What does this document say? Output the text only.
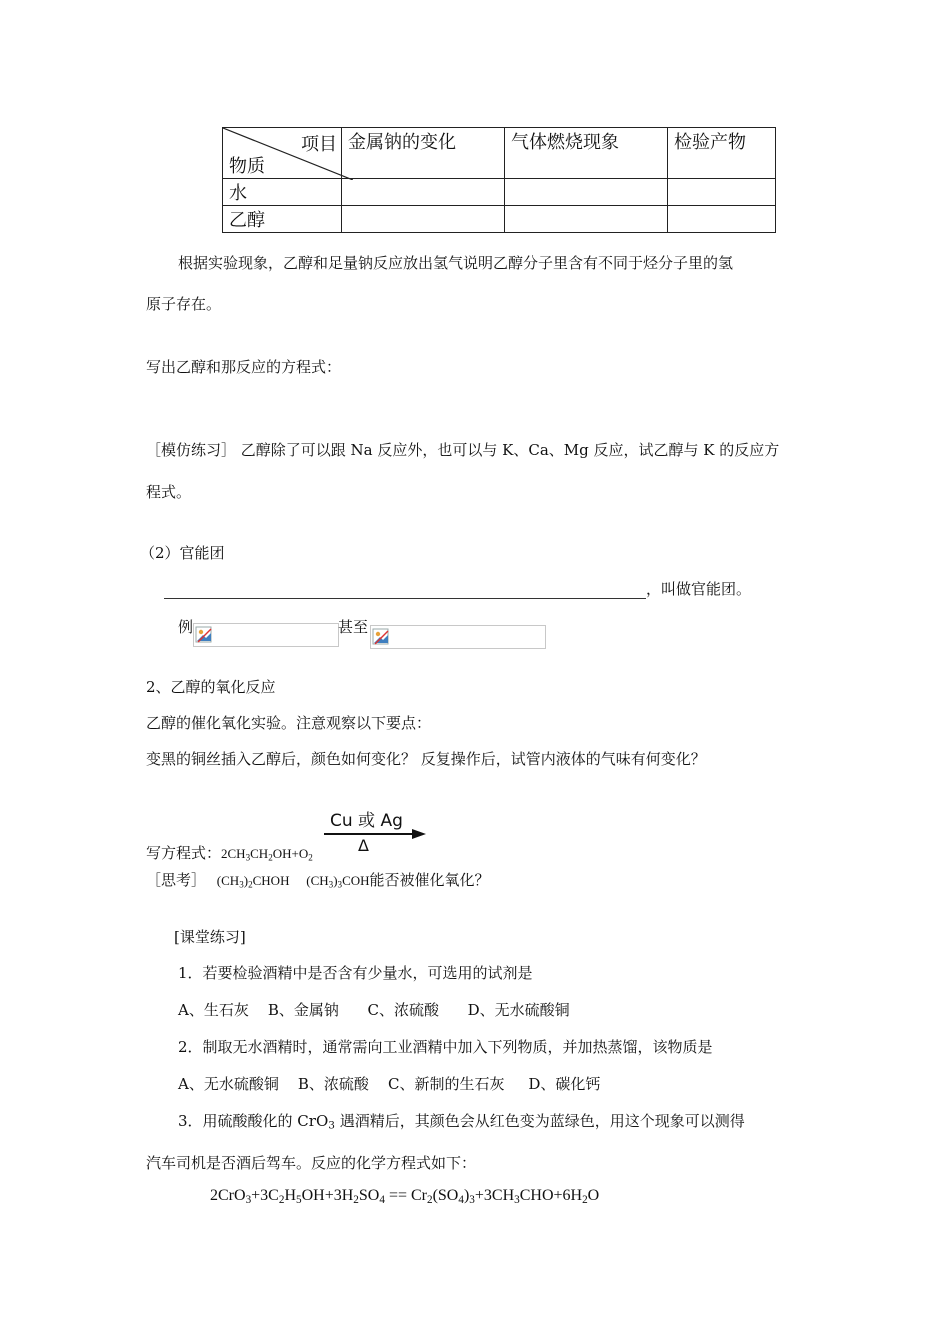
项目
物质	金属钠的变化	气体燃烧现象	检验产物
水			
乙醇			
根据实验现象，乙醇和足量钠反应放出氢气说明乙醇分子里含有不同于烃分子里的氢
原子存在。
写出乙醇和那反应的方程式：
［模仿练习］ 乙醇除了可以跟 Na 反应外，也可以与 K、Ca、Mg 反应，试乙醇与 K 的反应方
程式。
（2）官能团
，叫做官能团。
例	甚至
2、乙醇的氧化反应
乙醇的催化氧化实验。注意观察以下要点：
变黑的铜丝插入乙醇后，颜色如何变化？ 反复操作后，试管内液体的气味有何变化？
Cu 或 Ag
Δ
写方程式：$2CH_3CH_2OH+O_2$
［思考］ $(CH_3)_2CHOH$ $(CH_3)_3COH$能否被催化氧化？
[课堂练习]
1．若要检验酒精中是否含有少量水，可选用的试剂是
A、生石灰    B、金属钠      C、浓硫酸      D、无水硫酸铜
2．制取无水酒精时，通常需向工业酒精中加入下列物质，并加热蒸馏，该物质是
A、无水硫酸铜    B、浓硫酸    C、新制的生石灰     D、碳化钙
3．用硫酸酸化的 CrO$_3$ 遇酒精后，其颜色会从红色变为蓝绿色，用这个现象可以测得
汽车司机是否酒后驾车。反应的化学方程式如下：
$2CrO_3+3C_2H_5OH+3H_2SO_4 == Cr_2(SO_4)_3+3CH_3CHO+6H_2O$
